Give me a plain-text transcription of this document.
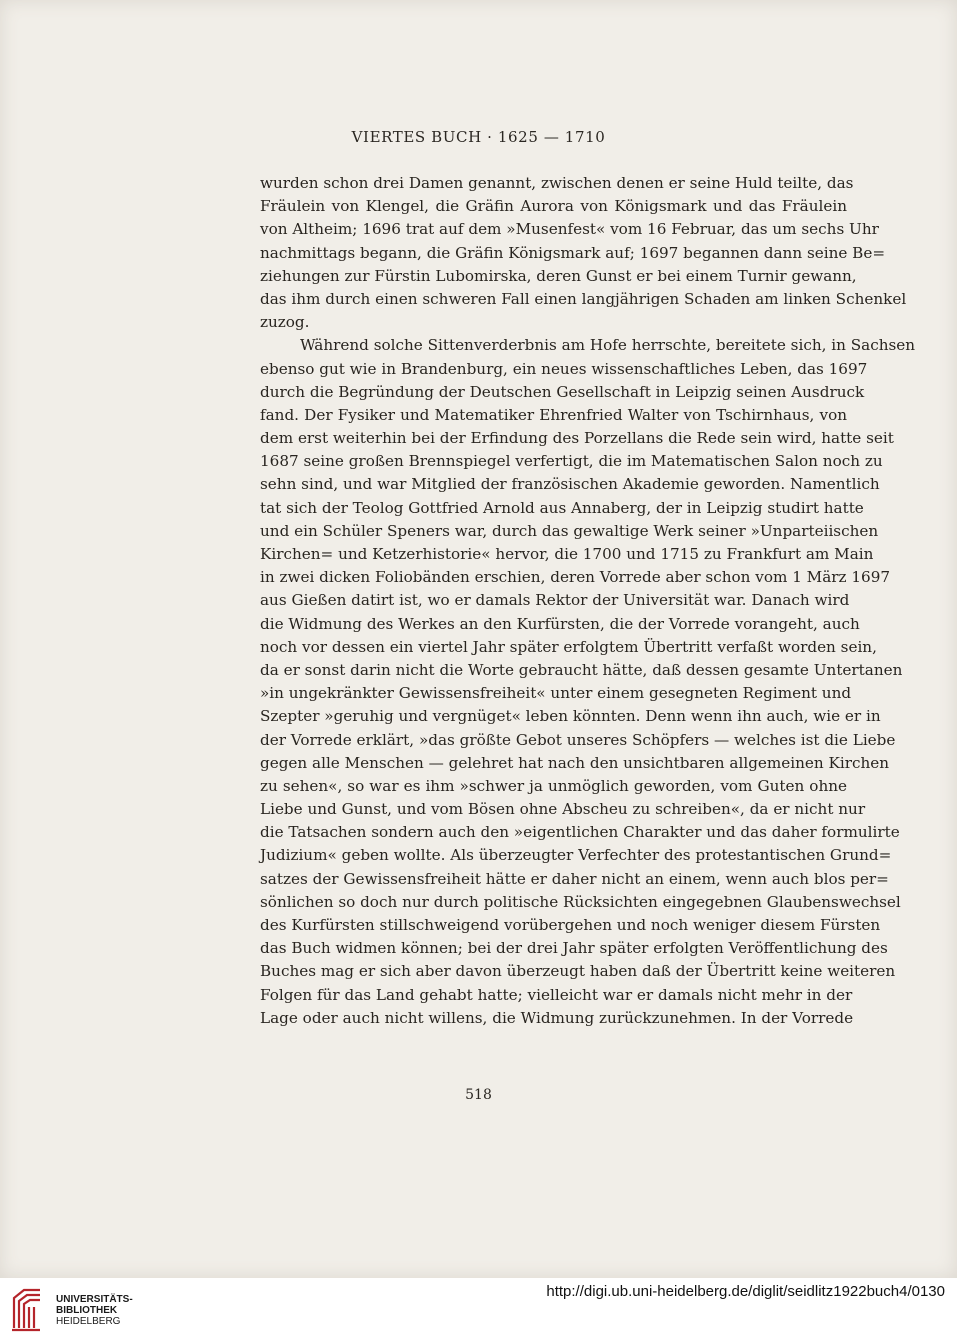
VIERTES BUCH · 1625 — 1710
wurden schon drei Damen genannt, zwischen denen er seine Huld teilte, das
Fräulein von Klengel, die Gräfin Aurora von Königsmark und das Fräulein
von Altheim; 1696 trat auf dem »Musenfest« vom 16 Februar, das um sechs Uhr
nachmittags begann, die Gräfin Königsmark auf; 1697 begannen dann seine Be=
ziehungen zur Fürstin Lubomirska, deren Gunst er bei einem Turnir gewann,
das ihm durch einen schweren Fall einen langjährigen Schaden am linken Schenkel
zuzog.
Während solche Sittenverderbnis am Hofe herrschte, bereitete sich, in Sachsen
ebenso gut wie in Brandenburg, ein neues wissenschaftliches Leben, das 1697
durch die Begründung der Deutschen Gesellschaft in Leipzig seinen Ausdruck
fand. Der Fysiker und Matematiker Ehrenfried Walter von Tschirnhaus, von
dem erst weiterhin bei der Erfindung des Porzellans die Rede sein wird, hatte seit
1687 seine großen Brennspiegel verfertigt, die im Matematischen Salon noch zu
sehn sind, und war Mitglied der französischen Akademie geworden. Namentlich
tat sich der Teolog Gottfried Arnold aus Annaberg, der in Leipzig studirt hatte
und ein Schüler Speners war, durch das gewaltige Werk seiner »Unparteiischen
Kirchen= und Ketzerhistorie« hervor, die 1700 und 1715 zu Frankfurt am Main
in zwei dicken Foliobänden erschien, deren Vorrede aber schon vom 1 März 1697
aus Gießen datirt ist, wo er damals Rektor der Universität war. Danach wird
die Widmung des Werkes an den Kurfürsten, die der Vorrede vorangeht, auch
noch vor dessen ein viertel Jahr später erfolgtem Übertritt verfaßt worden sein,
da er sonst darin nicht die Worte gebraucht hätte, daß dessen gesamte Untertanen
»in ungekränkter Gewissensfreiheit« unter einem gesegneten Regiment und
Szepter »geruhig und vergnüget« leben könnten. Denn wenn ihn auch, wie er in
der Vorrede erklärt, »das größte Gebot unseres Schöpfers — welches ist die Liebe
gegen alle Menschen — gelehret hat nach den unsichtbaren allgemeinen Kirchen
zu sehen«, so war es ihm »schwer ja unmöglich geworden, vom Guten ohne
Liebe und Gunst, und vom Bösen ohne Abscheu zu schreiben«, da er nicht nur
die Tatsachen sondern auch den »eigentlichen Charakter und das daher formulirte
Judizium« geben wollte. Als überzeugter Verfechter des protestantischen Grund=
satzes der Gewissensfreiheit hätte er daher nicht an einem, wenn auch blos per=
sönlichen so doch nur durch politische Rücksichten eingegebnen Glaubenswechsel
des Kurfürsten stillschweigend vorübergehen und noch weniger diesem Fürsten
das Buch widmen können; bei der drei Jahr später erfolgten Veröffentlichung des
Buches mag er sich aber davon überzeugt haben daß der Übertritt keine weiteren
Folgen für das Land gehabt hatte; vielleicht war er damals nicht mehr in der
Lage oder auch nicht willens, die Widmung zurückzunehmen. In der Vorrede
518
UNIVERSITÄTS-
BIBLIOTHEK
HEIDELBERG
http://digi.ub.uni-heidelberg.de/diglit/seidlitz1922buch4/0130
